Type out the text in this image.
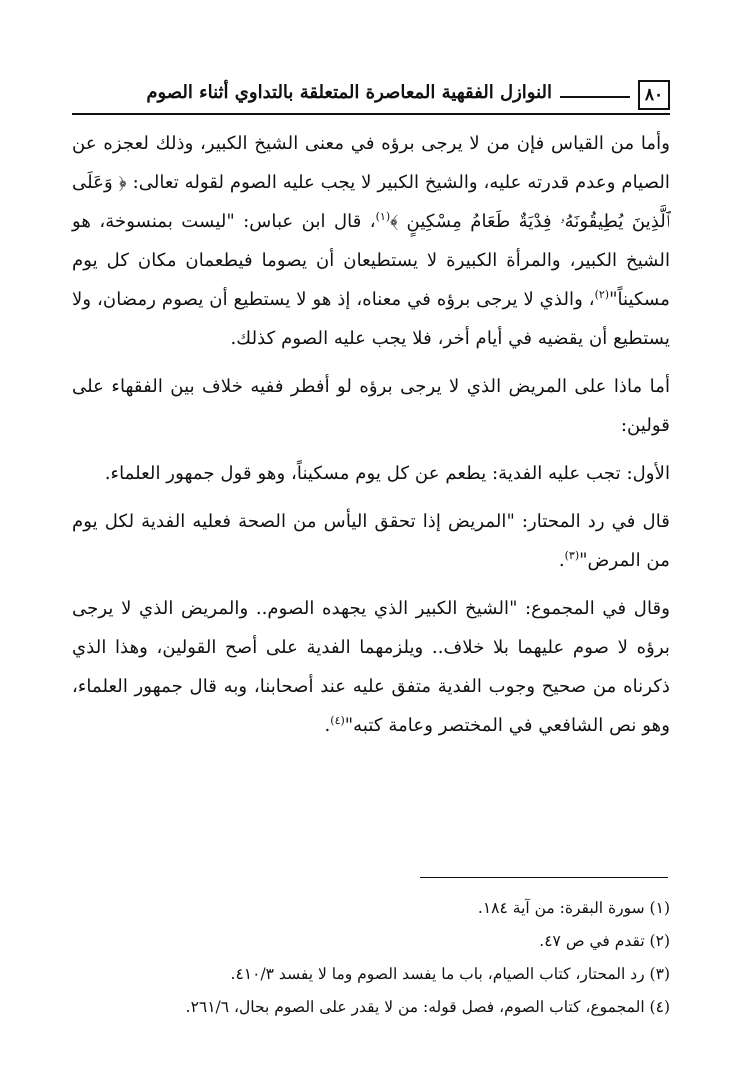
٨٠
النوازل الفقهية المعاصرة المتعلقة بالتداوي أثناء الصوم

وأما من القياس فإن من لا يرجى برؤه في معنى الشيخ الكبير، وذلك لعجزه عن الصيام وعدم قدرته عليه، والشيخ الكبير لا يجب عليه الصوم لقوله تعالى: ﴿ وَعَلَى ٱلَّذِينَ يُطِيقُونَهُۥ فِدْيَةٌ طَعَامُ مِسْكِينٍ ﴾$^{(١)}$، قال ابن عباس: "ليست بمنسوخة، هو الشيخ الكبير، والمرأة الكبيرة لا يستطيعان أن يصوما فيطعمان مكان كل يوم مسكيناً"$^{(٢)}$، والذي لا يرجى برؤه في معناه، إذ هو لا يستطيع أن يصوم رمضان، ولا يستطيع أن يقضيه في أيام أخر، فلا يجب عليه الصوم كذلك.

أما ماذا على المريض الذي لا يرجى برؤه لو أفطر ففيه خلاف بين الفقهاء على قولين:

الأول: تجب عليه الفدية: يطعم عن كل يوم مسكيناً، وهو قول جمهور العلماء.

قال في رد المحتار: "المريض إذا تحقق اليأس من الصحة فعليه الفدية لكل يوم من المرض"$^{(٣)}$.

وقال في المجموع: "الشيخ الكبير الذي يجهده الصوم.. والمريض الذي لا يرجى برؤه لا صوم عليهما بلا خلاف.. ويلزمهما الفدية على أصح القولين، وهذا الذي ذكرناه من صحيح وجوب الفدية متفق عليه عند أصحابنا، وبه قال جمهور العلماء، وهو نص الشافعي في المختصر وعامة كتبه"$^{(٤)}$.

(١) سورة البقرة: من آية ١٨٤.

(٢) تقدم في ص ٤٧.

(٣) رد المحتار، كتاب الصيام، باب ما يفسد الصوم وما لا يفسد ٤١٠/٣.

(٤) المجموع، كتاب الصوم، فصل قوله: من لا يقدر على الصوم بحال، ٢٦١/٦.
